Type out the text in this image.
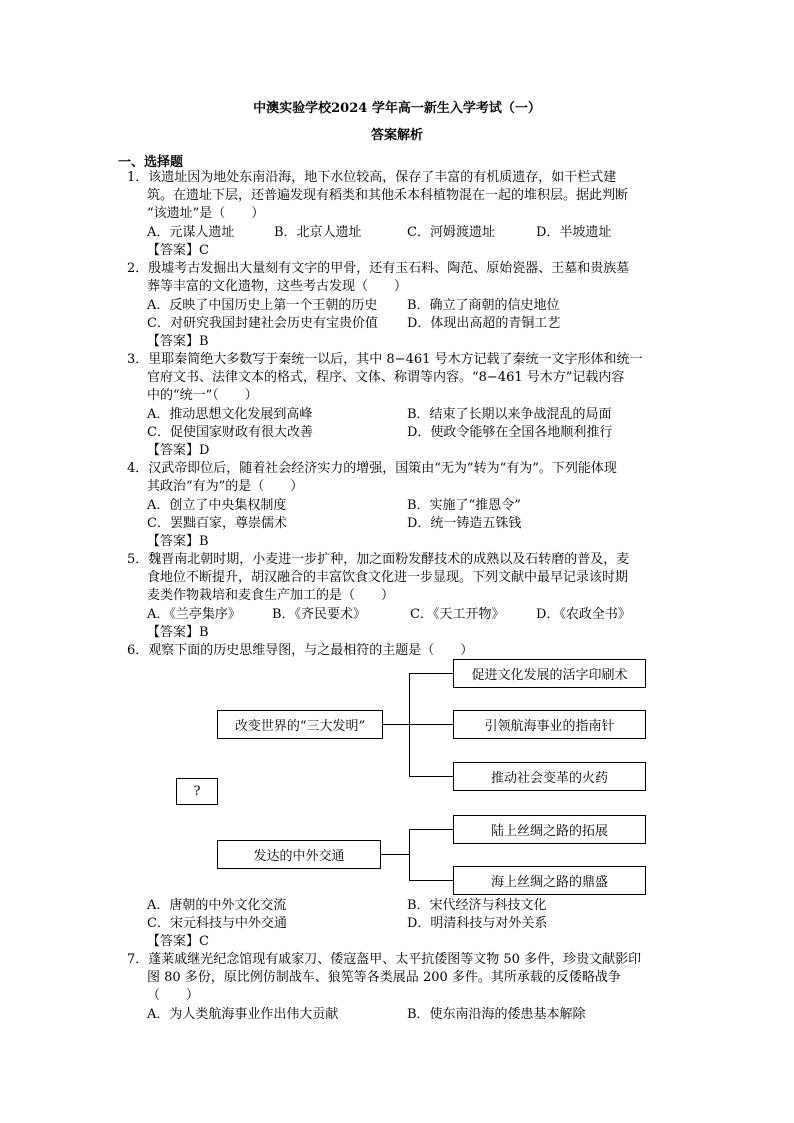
中澳实验学校2024 学年高一新生入学考试（一）
答案解析
一、选择题
1．该遗址因为地处东南沿海，地下水位较高，保存了丰富的有机质遗存，如干栏式建
筑。在遗址下层，还普遍发现有稻类和其他禾本科植物混在一起的堆积层。据此判断
“该遗址”是（　　）
A．元谋人遗址	B．北京人遗址	C．河姆渡遗址	D．半坡遗址
【答案】C
2．殷墟考古发掘出大量刻有文字的甲骨，还有玉石料、陶范、原始瓷器、王墓和贵族墓
葬等丰富的文化遗物，这些考古发现（　　）
A．反映了中国历史上第一个王朝的历史 B．确立了商朝的信史地位
C．对研究我国封建社会历史有宝贵价值 D．体现出高超的青铜工艺
【答案】B
3．里耶秦简绝大多数写于秦统一以后，其中 8−461 号木方记载了秦统一文字形体和统一
官府文书、法律文本的格式，程序、文体、称谓等内容。“8−461 号木方”记载内容
中的“统一”（　　）
A．推动思想文化发展到高峰	B．结束了长期以来争战混乱的局面
C．促使国家财政有很大改善	D．使政令能够在全国各地顺利推行
【答案】D
4．汉武帝即位后，随着社会经济实力的增强，国策由“无为”转为“有为”。下列能体现
其政治“有为”的是（　　）
A．创立了中央集权制度	B．实施了“推恩令”
C．罢黜百家，尊崇儒术	D．统一铸造五铢钱
【答案】B
5．魏晋南北朝时期，小麦进一步扩种，加之面粉发酵技术的成熟以及石转磨的普及，麦
食地位不断提升，胡汉融合的丰富饮食文化进一步显现。下列文献中最早记录该时期
麦类作物栽培和麦食生产加工的是（　　）
A．《兰亭集序》 B．《齐民要术》	C．《天工开物》 D．《农政全书》
【答案】B
6．观察下面的历史思维导图，与之最相符的主题是（　　）
?
改变世界的“三大发明”
促进文化发展的活字印刷术
引领航海事业的指南针
推动社会变革的火药
发达的中外交通
陆上丝绸之路的拓展
海上丝绸之路的鼎盛
A．唐朝的中外文化交流	B．宋代经济与科技文化
C．宋元科技与中外交通	D．明清科技与对外关系
【答案】C
7．蓬莱戚继光纪念馆现有戚家刀、倭寇盔甲、太平抗倭图等文物 50 多件，珍贵文献影印
图 80 多份，原比例仿制战车、狼筅等各类展品 200 多件。其所承载的反倭略战争
（　　）
A．为人类航海事业作出伟大贡献	B．使东南沿海的倭患基本解除
